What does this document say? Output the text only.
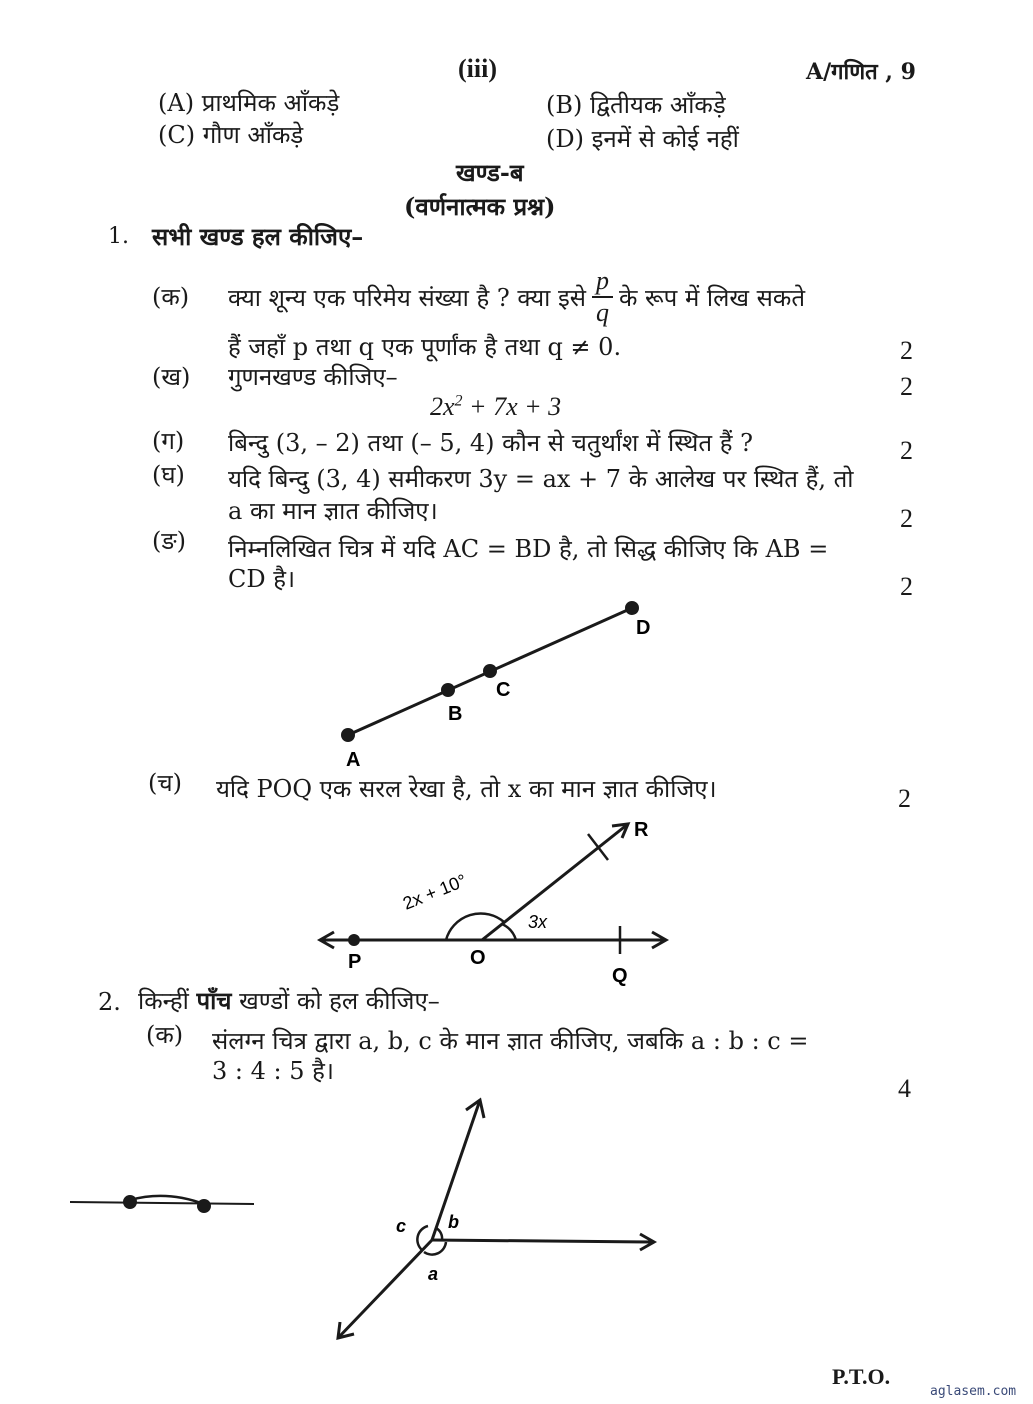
(iii)	A/गणित , 9
(A) प्राथमिक आँकड़े	(B) द्वितीयक आँकड़े
(C) गौण आँकड़े	(D) इनमें से कोई नहीं
खण्ड-ब
(वर्णनात्मक प्रश्न)
1. सभी खण्ड हल कीजिए–
(क) क्या शून्य एक परिमेय संख्या है ? क्या इसे $\frac{p}{q}$ के रूप में लिख सकते
हैं जहाँ p तथा q एक पूर्णांक है तथा q ≠ 0.	2
(ख) गुणनखण्ड कीजिए–	2
$2x^2 + 7x + 3$
(ग) बिन्दु (3, – 2) तथा (– 5, 4) कौन से चतुर्थांश में स्थित हैं ?	2
(घ) यदि बिन्दु (3, 4) समीकरण 3y = ax + 7 के आलेख पर स्थित हैं, तो
a का मान ज्ञात कीजिए।	2
(ङ) निम्नलिखित चित्र में यदि AC = BD है, तो सिद्ध कीजिए कि AB =
CD है।	2
A
B
C
D
(च) यदि POQ एक सरल रेखा है, तो x का मान ज्ञात कीजिए।	2
P	O
Q
R
2x + 10°
3x
2. किन्हीं पाँच खण्डों को हल कीजिए–
(क) संलग्न चित्र द्वारा a, b, c के मान ज्ञात कीजिए, जबकि a : b : c =
3 : 4 : 5 है।
4
b
c
a
P.T.O.
aglasem.com
